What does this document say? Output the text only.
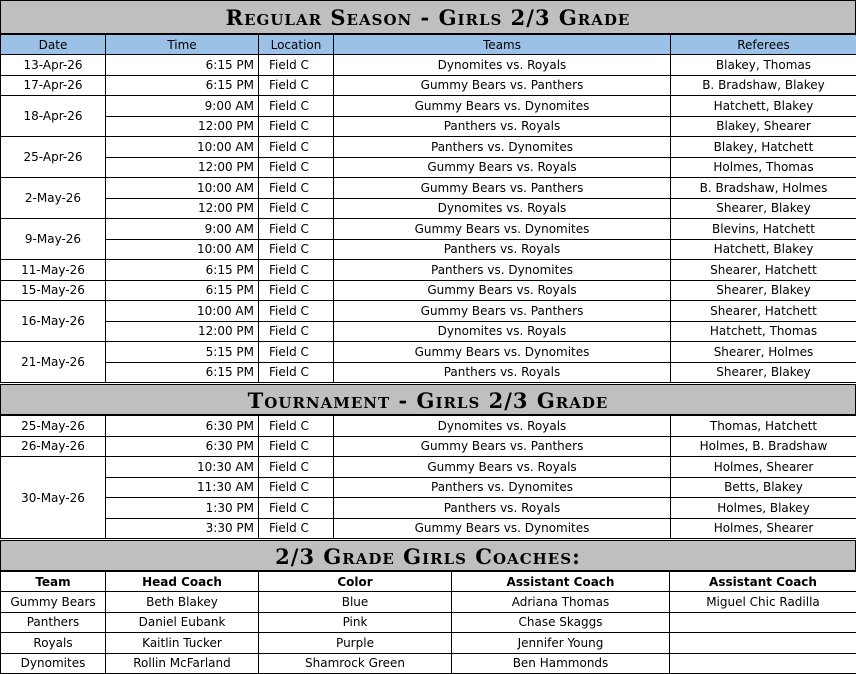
Regular Season - Girls 2/3 Grade
Date	Time	Location	Teams	Referees
13-Apr-26	6:15 PM	Field C	Dynomites vs. Royals	Blakey, Thomas
17-Apr-26	6:15 PM	Field C	Gummy Bears vs. Panthers	B. Bradshaw, Blakey
18-Apr-26	9:00 AM	Field C	Gummy Bears vs. Dynomites	Hatchett, Blakey
	12:00 PM	Field C	Panthers vs. Royals	Blakey, Shearer
25-Apr-26	10:00 AM	Field C	Panthers vs. Dynomites	Blakey, Hatchett
	12:00 PM	Field C	Gummy Bears vs. Royals	Holmes, Thomas
2-May-26	10:00 AM	Field C	Gummy Bears vs. Panthers	B. Bradshaw, Holmes
	12:00 PM	Field C	Dynomites vs. Royals	Shearer, Blakey
9-May-26	9:00 AM	Field C	Gummy Bears vs. Dynomites	Blevins, Hatchett
	10:00 AM	Field C	Panthers vs. Royals	Hatchett, Blakey
11-May-26	6:15 PM	Field C	Panthers vs. Dynomites	Shearer, Hatchett
15-May-26	6:15 PM	Field C	Gummy Bears vs. Royals	Shearer, Blakey
16-May-26	10:00 AM	Field C	Gummy Bears vs. Panthers	Shearer, Hatchett
	12:00 PM	Field C	Dynomites vs. Royals	Hatchett, Thomas
21-May-26	5:15 PM	Field C	Gummy Bears vs. Dynomites	Shearer, Holmes
	6:15 PM	Field C	Panthers vs. Royals	Shearer, Blakey
Tournament - Girls 2/3 Grade
25-May-26	6:30 PM	Field C	Dynomites vs. Royals	Thomas, Hatchett
26-May-26	6:30 PM	Field C	Gummy Bears vs. Panthers	Holmes, B. Bradshaw
30-May-26	10:30 AM	Field C	Gummy Bears vs. Royals	Holmes, Shearer
	11:30 AM	Field C	Panthers vs. Dynomites	Betts, Blakey
	1:30 PM	Field C	Panthers vs. Royals	Holmes, Blakey
	3:30 PM	Field C	Gummy Bears vs. Dynomites	Holmes, Shearer
2/3 Grade Girls Coaches:
Team	Head Coach	Color	Assistant Coach	Assistant Coach
Gummy Bears	Beth Blakey	Blue	Adriana Thomas	Miguel Chic Radilla
Panthers	Daniel Eubank	Pink	Chase Skaggs	
Royals	Kaitlin Tucker	Purple	Jennifer Young	
Dynomites	Rollin McFarland	Shamrock Green	Ben Hammonds	
